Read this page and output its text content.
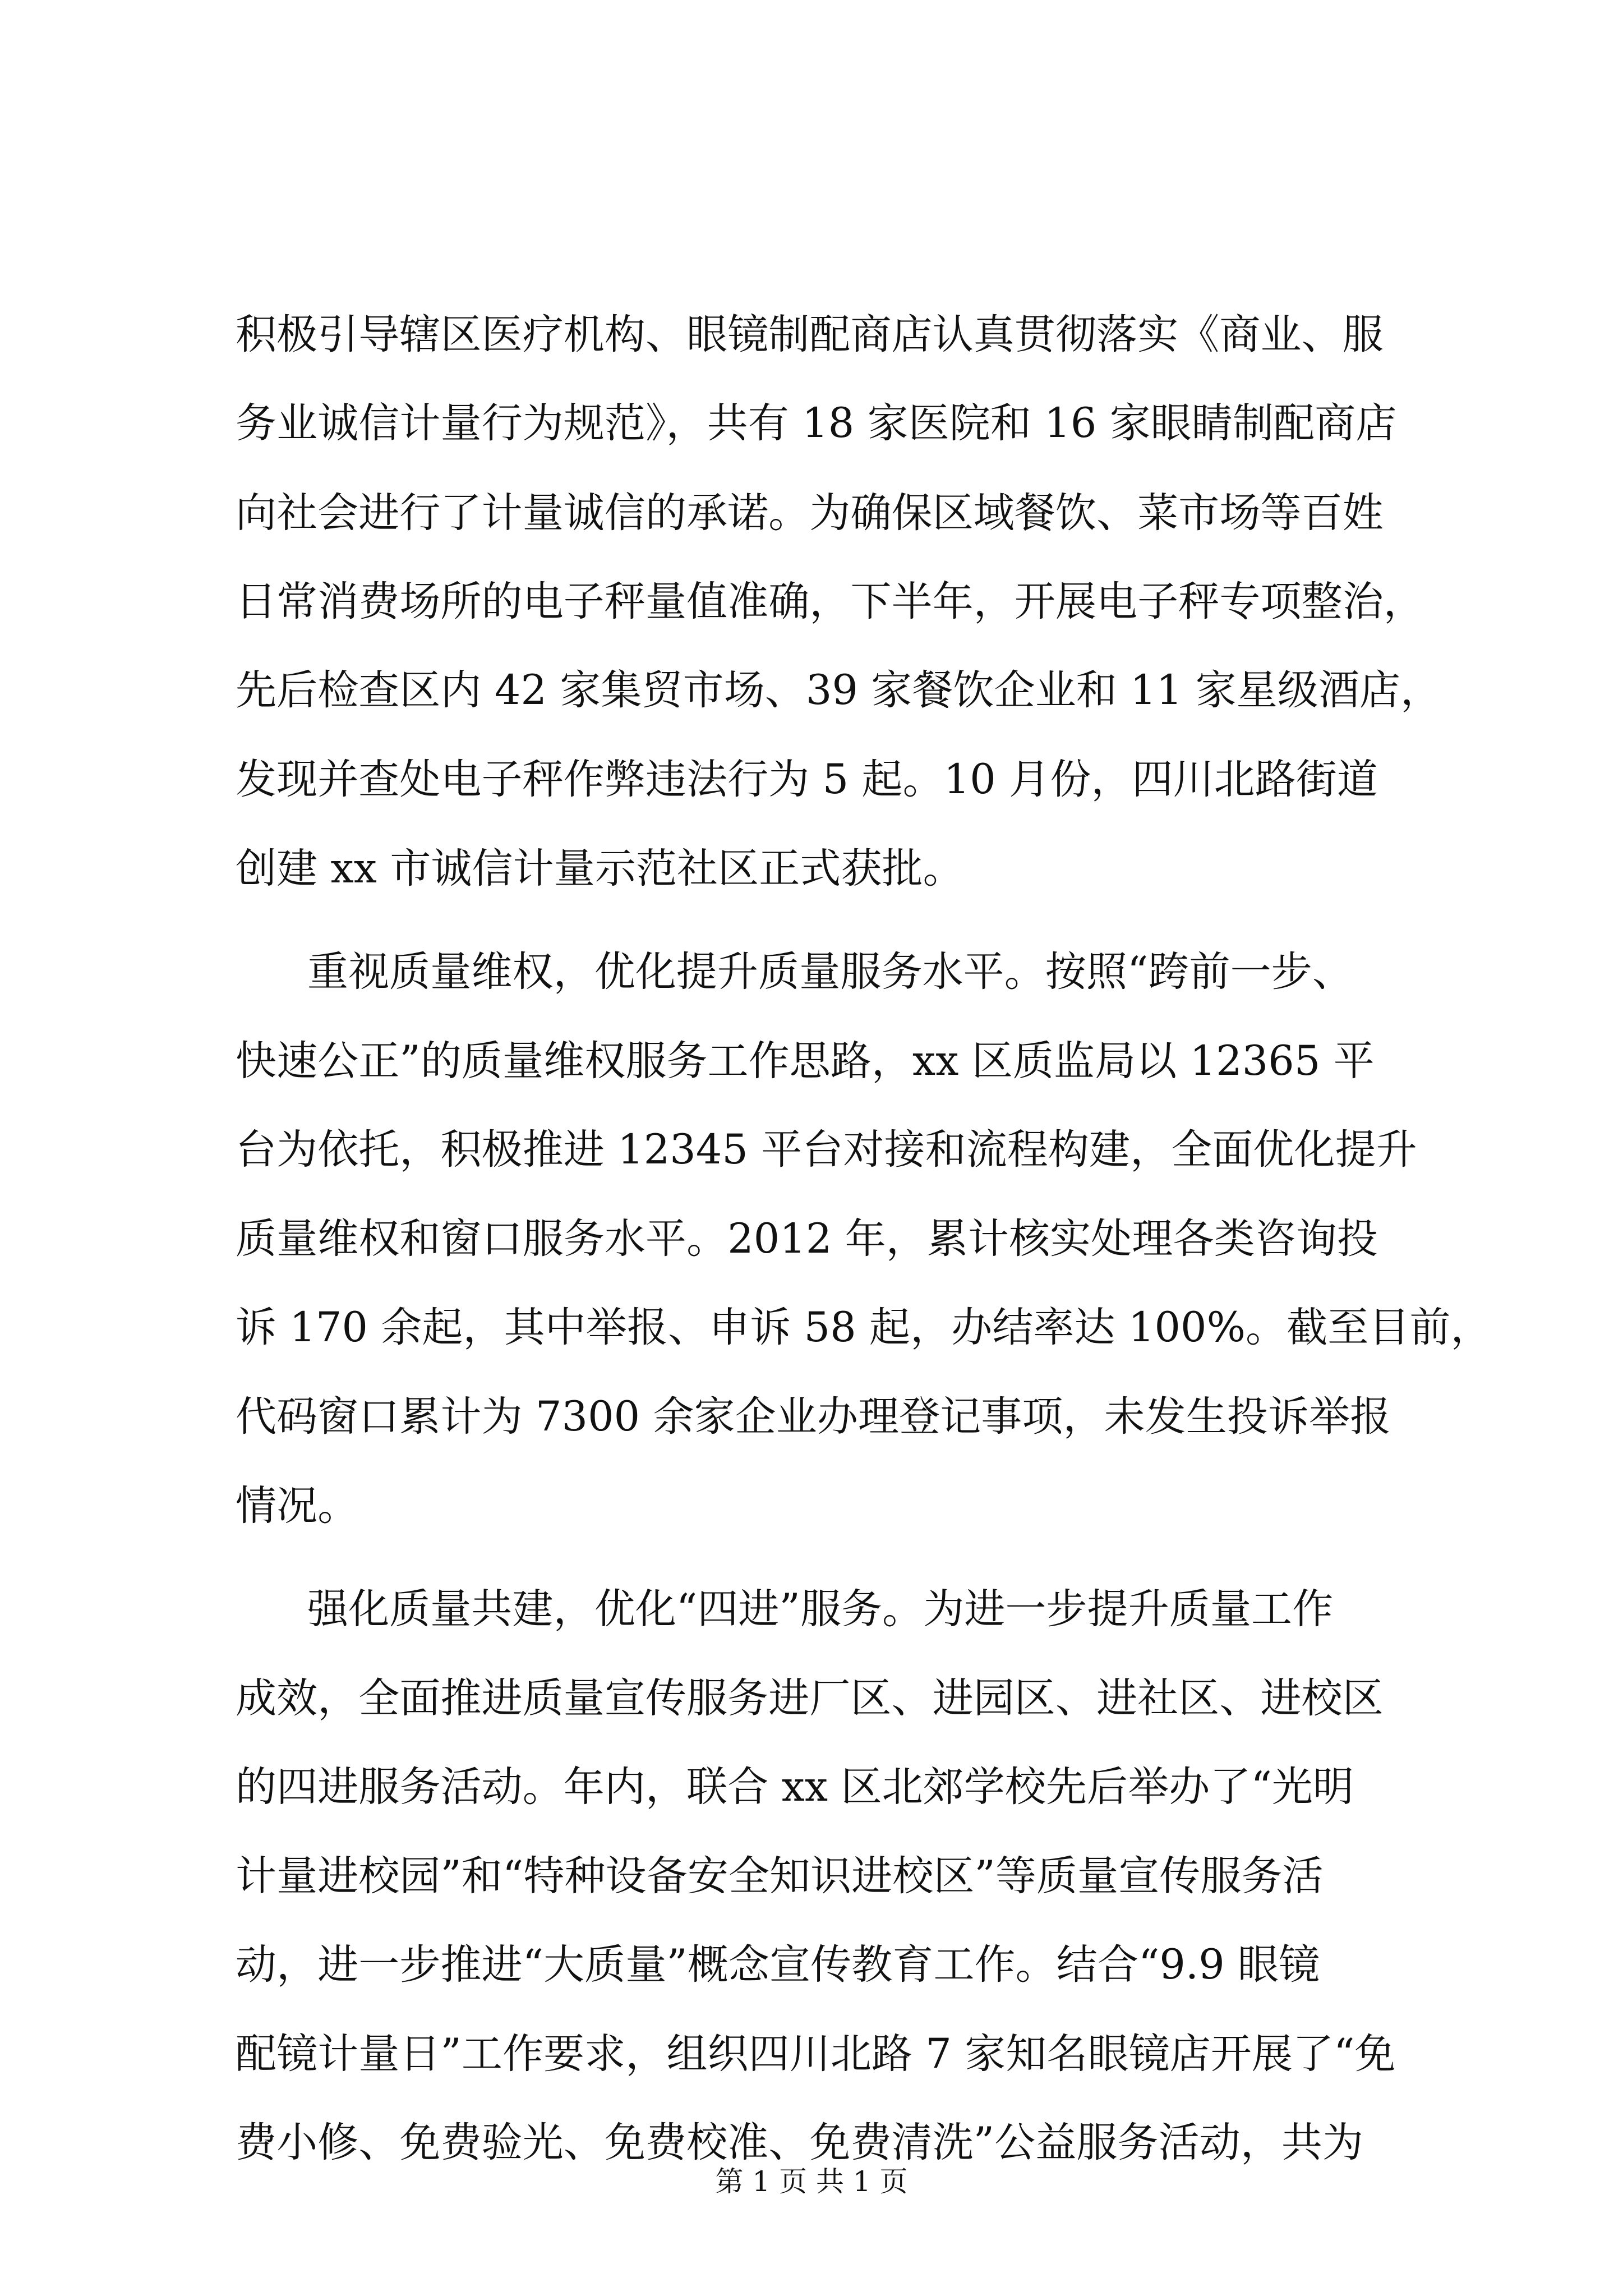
积极引导辖区医疗机构、眼镜制配商店认真贯彻落实《商业、服
务业诚信计量行为规范》，共有 18 家医院和 16 家眼睛制配商店
向社会进行了计量诚信的承诺。为确保区域餐饮、菜市场等百姓
日常消费场所的电子秤量值准确，下半年，开展电子秤专项整治，
先后检查区内 42 家集贸市场、39 家餐饮企业和 11 家星级酒店，
发现并查处电子秤作弊违法行为 5 起。10 月份，四川北路街道
创建 xx 市诚信计量示范社区正式获批。
重视质量维权，优化提升质量服务水平。按照“跨前一步、
快速公正”的质量维权服务工作思路，xx 区质监局以 12365 平
台为依托，积极推进 12345 平台对接和流程构建，全面优化提升
质量维权和窗口服务水平。2012 年，累计核实处理各类咨询投
诉 170 余起，其中举报、申诉 58 起，办结率达 100%。截至目前，
代码窗口累计为 7300 余家企业办理登记事项，未发生投诉举报
情况。
强化质量共建，优化“四进”服务。为进一步提升质量工作
成效，全面推进质量宣传服务进厂区、进园区、进社区、进校区
的四进服务活动。年内，联合 xx 区北郊学校先后举办了“光明
计量进校园”和“特种设备安全知识进校区”等质量宣传服务活
动，进一步推进“大质量”概念宣传教育工作。结合“9.9 眼镜
配镜计量日”工作要求，组织四川北路 7 家知名眼镜店开展了“免
费小修、免费验光、免费校准、免费清洗”公益服务活动，共为
第 1 页 共 1 页
